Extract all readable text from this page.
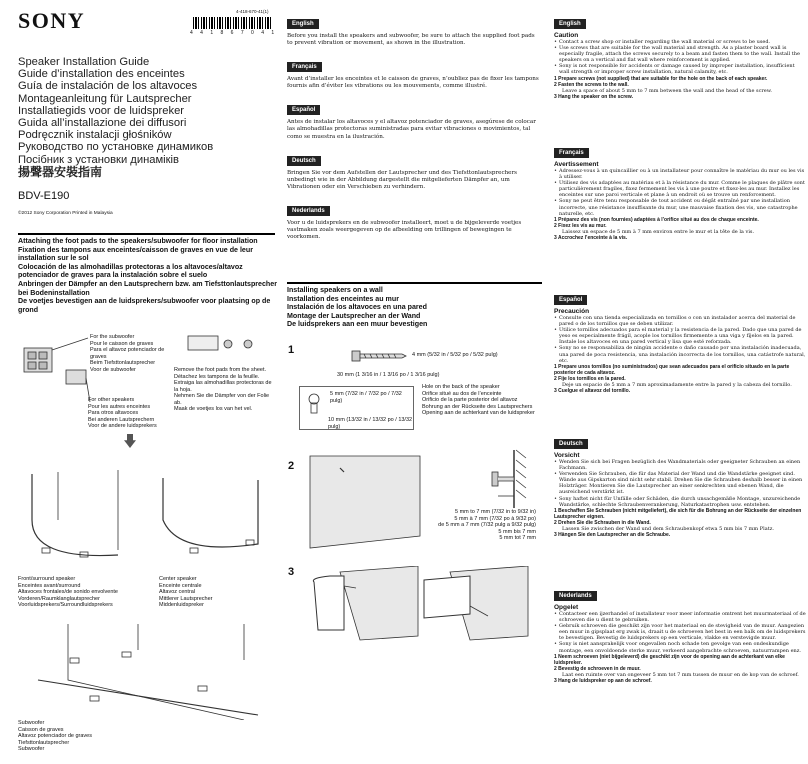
SONY	4-418-670-41(1)
4 4 1 8 6 7 0 4 1
Speaker Installation Guide
Guide d’installation des enceintes
Guía de instalación de los altavoces
Montageanleitung für Lautsprecher
Installatiegids voor de luidspreker
Guida all’installazione dei diffusori
Podręcznik instalacji głośników
Руководство по установке динамиков
Посібник з установки динаміків
揚聲器安裝指南
BDV-E190
©2012 Sony Corporation Printed in Malaysia
Attaching the foot pads to the speakers/subwoofer for floor installation
Fixation des tampons aux enceintes/caisson de graves en vue de leur installation sur le sol
Colocación de las almohadillas protectoras a los altavoces/altavoz potenciador de graves para la instalación sobre el suelo
Anbringen der Dämpfer an den Lautsprechern bzw. am Tiefsttonlautsprecher bei Bodeninstallation
De voetjes bevestigen aan de luidsprekers/subwoofer voor plaatsing op de grond
For the subwoofer
Pour le caisson de graves
Para el altavoz potenciador de graves
Beim Tiefsttonlautsprecher
Voor de subwoofer
For other speakers
Pour les autres enceintes
Para otros altavoces
Bei anderen Lautsprechern
Voor de andere luidsprekers
Remove the foot pads from the sheet.
Détachez les tampons de la feuille.
Extraiga las almohadillas protectoras de la hoja.
Nehmen Sie die Dämpfer von der Folie ab.
Maak de voetjes los van het vel.
Front/surround speaker
Enceintes avant/surround
Altavoces frontales/de sonido envolvente
Vorderen/Raumklanglautsprecher
Voorluidsprekers/Surroundluidsprekers
Center speaker
Enceinte centrale
Altavoz central
Mittlerer Lautsprecher
Middenluidspreker
Subwoofer
Caisson de graves
Altavoz potenciador de graves
Tiefsttonlautsprecher
Subwoofer
English
Before you install the speakers and subwoofer, be sure to attach the supplied foot pads to prevent vibration or movement, as shown in the illustration.
Français
Avant d’installer les enceintes et le caisson de graves, n’oubliez pas de fixer les tampons fournis afin d’éviter les vibrations ou les mouvements, comme illustré.
Español
Antes de instalar los altavoces y el altavoz potenciador de graves, asegúrese de colocar las almohadillas protectoras suministradas para evitar vibraciones o movimientos, tal como se muestra en la ilustración.
Deutsch
Bringen Sie vor dem Aufstellen der Lautsprecher und des Tiefsttonlautsprechers unbedingt wie in der Abbildung dargestellt die mitgelieferten Dämpfer an, um Vibrationen oder ein Verschieben zu verhindern.
Nederlands
Voor u de luidsprekers en de subwoofer installeert, moet u de bijgeleverde voetjes vastmaken zoals weergegeven op de afbeelding om trillingen of bewegingen te voorkomen.
Installing speakers on a wall
Installation des enceintes au mur
Instalación de los altavoces en una pared
Montage der Lautsprecher an der Wand
De luidsprekers aan een muur bevestigen
1	4 mm (5/32 in / 5/32 po / 5/32 pulg)
30 mm (1 3/16 in / 1 3/16 po / 1 3/16 pulg)
5 mm (7/32 in / 7/32 po / 7/32 pulg)
10 mm (13/32 in / 13/32 po / 13/32 pulg)
Hole on the back of the speaker
Orifice situé au dos de l’enceinte
Orificio de la parte posterior del altavoz
Bohrung an der Rückseite des Lautsprechers
Opening aan de achterkant van de luidspreker
2
5 mm to 7 mm (7/32 in to 9/32 in)
5 mm à 7 mm (7/32 po à 9/32 po)
de 5 mm a 7 mm (7/32 pulg a 9/32 pulg)
5 mm bis 7 mm
5 mm tot 7 mm
3
English
Caution
• Contact a screw shop or installer regarding the wall material or screws to be used.
• Use screws that are suitable for the wall material and strength. As a plaster board wall is especially fragile, attach the screws securely to a beam and fasten them to the wall. Install the speakers on a vertical and flat wall where reinforcement is applied.
• Sony is not responsible for accidents or damage caused by improper installation, insufficient wall strength or improper screw installation, natural calamity, etc.
1 Prepare screws (not supplied) that are suitable for the hole on the back of each speaker.
2 Fasten the screws to the wall.
Leave a space of about 5 mm to 7 mm between the wall and the head of the screw.
3 Hang the speaker on the screw.
Français
Avertissement
• Adressez-vous à un quincaillier ou à un installateur pour connaître le matériau du mur ou les vis à utiliser.
• Utilisez des vis adaptées au matériau et à la résistance du mur. Comme le plaques de plâtre sont particulièrement fragiles, fixez fermement les vis à une poutre et fixez-les au mur. Installez les enceintes sur une paroi verticale et plane à un endroit où se trouve un renforcement.
• Sony ne peut être tenu responsable de tout accident ou dégât entraîné par une installation incorrecte, une résistance insuffisante du mur, une mauvaise fixation des vis, une catastrophe naturelle, etc.
1 Préparez des vis (non fournies) adaptées à l’orifice situé au dos de chaque enceinte.
2 Fixez les vis au mur.
Laissez un espace de 5 mm à 7 mm environ entre le mur et la tête de la vis.
3 Accrochez l’enceinte à la vis.
Español
Precaución
• Consulte con una tienda especializada en tornillos o con un instalador acerca del material de pared o de los tornillos que se deben utilizar.
• Utilice tornillos adecuados para el material y la resistencia de la pared. Dado que una pared de yeso es especialmente frágil, acople los tornillos firmemente a una viga y fíjelos en la pared. Instale los altavoces en una pared vertical y lisa que esté reforzada.
• Sony no se responsabiliza de ningún accidente o daño causado por una instalación inadecuada, una pared de poca resistencia, una instalación incorrecta de los tornillos, una catástrofe natural, etc.
1 Prepare unos tornillos (no suministrados) que sean adecuados para el orificio situado en la parte posterior de cada altavoz.
2 Fije los tornillos en la pared.
Deje un espacio de 5 mm a 7 mm aproximadamente entre la pared y la cabeza del tornillo.
3 Cuelgue el altavoz del tornillo.
Deutsch
Vorsicht
• Wenden Sie sich bei Fragen bezüglich des Wandmaterials oder geeigneter Schrauben an einen Fachmann.
• Verwenden Sie Schrauben, die für das Material der Wand und die Wandstärke geeignet sind. Wände aus Gipskarton sind nicht sehr stabil. Drehen Sie die Schrauben deshalb besser in einen Holzträger. Montieren Sie die Lautsprecher an einer senkrechten und ebenen Wand, die ausreichend verstärkt ist.
• Sony haftet nicht für Unfälle oder Schäden, die durch unsachgemäße Montage, unzureichende Wandstärke, schlechte Schraubenverankerung, Naturkatastrophen usw. entstehen.
1 Beschaffen Sie Schrauben (nicht mitgeliefert), die sich für die Bohrung an der Rückseite der einzelnen Lautsprecher eignen.
2 Drehen Sie die Schrauben in die Wand.
Lassen Sie zwischen der Wand und dem Schraubenkopf etwa 5 mm bis 7 mm Platz.
3 Hängen Sie den Lautsprecher an die Schraube.
Nederlands
Opgelet
• Contacteer een ijzerhandel of installateur voor meer informatie omtrent het muurmateriaal of de schroeven die u dient te gebruiken.
• Gebruik schroeven die geschikt zijn voor het materiaal en de stevigheid van de muur. Aangezien een muur in gipsplaat erg zwak is, draait u de schroeven het best in een balk om de luidsprekers te bevestigen. Bevestig de luidsprekers op een verticale, vlakke en verstevigde muur.
• Sony is niet aansprakelijk voor ongevallen noch schade ten gevolge van een ondeskundige montage, een onvoldoende sterke muur, verkeerd aangebrachte schroeven, natuurrampen enz.
1 Neem schroeven (niet bijgeleverd) die geschikt zijn voor de opening aan de achterkant van elke luidspreker.
2 Bevestig de schroeven in de muur.
Laat een ruimte over van ongeveer 5 mm tot 7 mm tussen de muur en de kop van de schroef.
3 Hang de luidspreker op aan de schroef.
